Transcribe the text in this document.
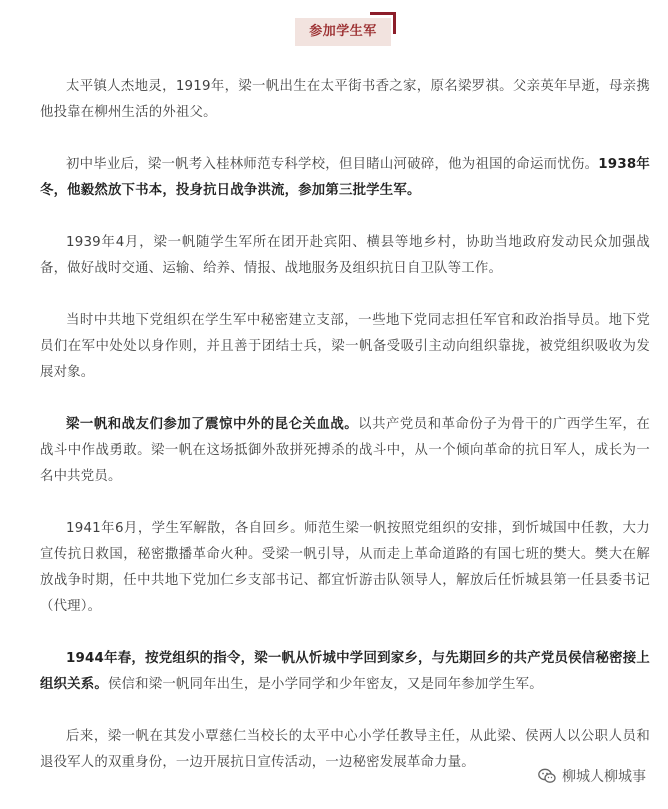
参加学生军

太平镇人杰地灵，1919年，梁一帆出生在太平街书香之家，原名梁罗祺。父亲英年早逝，母亲携他投靠在柳州生活的外祖父。

初中毕业后，梁一帆考入桂林师范专科学校，但目睹山河破碎，他为祖国的命运而忧伤。1938年冬，他毅然放下书本，投身抗日战争洪流，参加第三批学生军。

1939年4月，梁一帆随学生军所在团开赴宾阳、横县等地乡村，协助当地政府发动民众加强战备，做好战时交通、运输、给养、情报、战地服务及组织抗日自卫队等工作。

当时中共地下党组织在学生军中秘密建立支部，一些地下党同志担任军官和政治指导员。地下党员们在军中处处以身作则，并且善于团结士兵，梁一帆备受吸引主动向组织靠拢，被党组织吸收为发展对象。

梁一帆和战友们参加了震惊中外的昆仑关血战。以共产党员和革命份子为骨干的广西学生军，在战斗中作战勇敢。梁一帆在这场抵御外敌拼死搏杀的战斗中，从一个倾向革命的抗日军人，成长为一名中共党员。

1941年6月，学生军解散，各自回乡。师范生梁一帆按照党组织的安排，到忻城国中任教，大力宣传抗日救国，秘密撒播革命火种。受梁一帆引导，从而走上革命道路的有国七班的樊大。樊大在解放战争时期，任中共地下党加仁乡支部书记、都宜忻游击队领导人，解放后任忻城县第一任县委书记（代理）。

1944年春，按党组织的指令，梁一帆从忻城中学回到家乡，与先期回乡的共产党员侯信秘密接上组织关系。侯信和梁一帆同年出生，是小学同学和少年密友，又是同年参加学生军。

后来，梁一帆在其发小覃慈仁当校长的太平中心小学任教导主任，从此梁、侯两人以公职人员和退役军人的双重身份，一边开展抗日宣传活动，一边秘密发展革命力量。

柳城人柳城事
